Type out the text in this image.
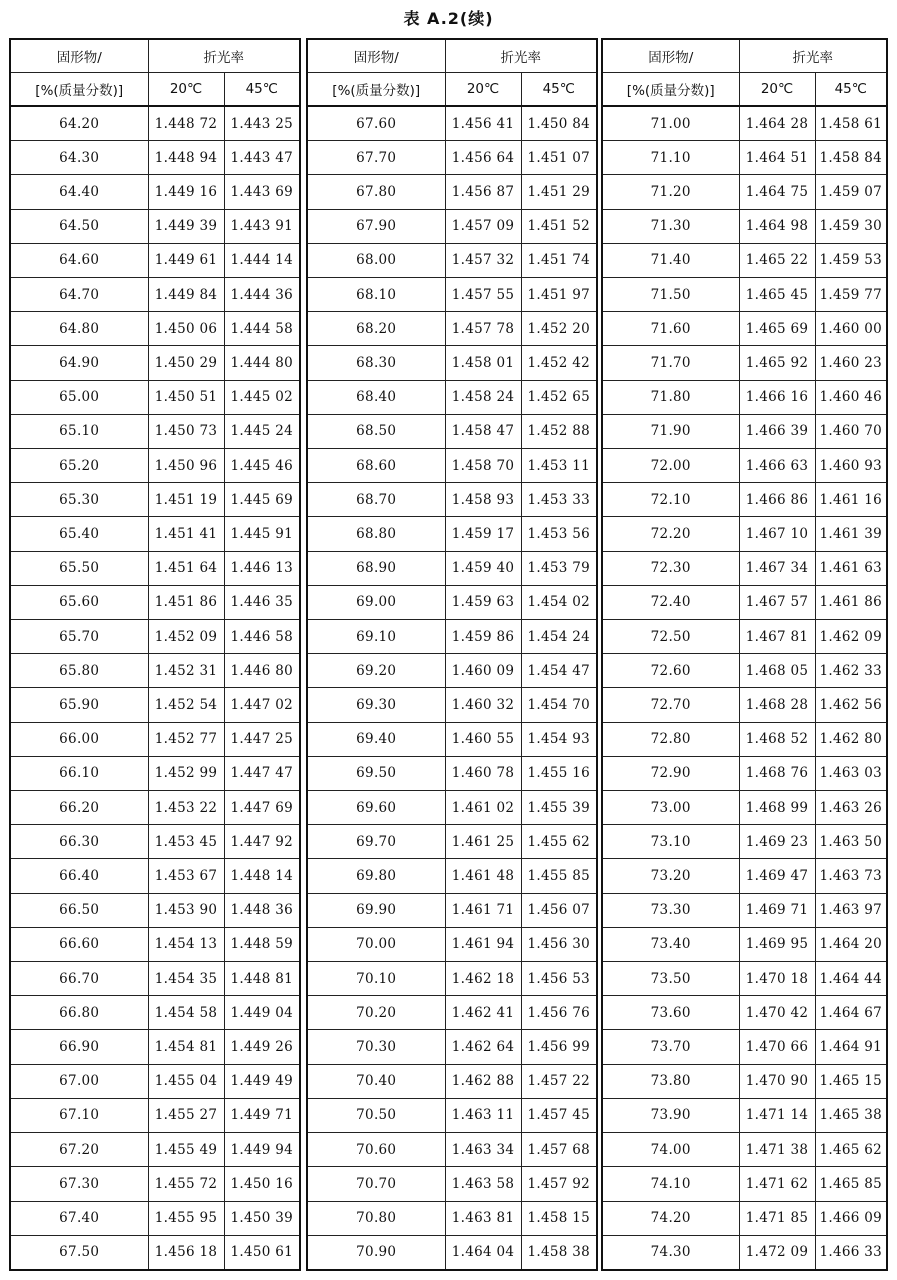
表 A.2(续)
固形物/	折光率	
[%(质量分数)]	20℃	45℃
64.20	1.448 72	1.443 25
64.30	1.448 94	1.443 47
64.40	1.449 16	1.443 69
64.50	1.449 39	1.443 91
64.60	1.449 61	1.444 14
64.70	1.449 84	1.444 36
64.80	1.450 06	1.444 58
64.90	1.450 29	1.444 80
65.00	1.450 51	1.445 02
65.10	1.450 73	1.445 24
65.20	1.450 96	1.445 46
65.30	1.451 19	1.445 69
65.40	1.451 41	1.445 91
65.50	1.451 64	1.446 13
65.60	1.451 86	1.446 35
65.70	1.452 09	1.446 58
65.80	1.452 31	1.446 80
65.90	1.452 54	1.447 02
66.00	1.452 77	1.447 25
66.10	1.452 99	1.447 47
66.20	1.453 22	1.447 69
66.30	1.453 45	1.447 92
66.40	1.453 67	1.448 14
66.50	1.453 90	1.448 36
66.60	1.454 13	1.448 59
66.70	1.454 35	1.448 81
66.80	1.454 58	1.449 04
66.90	1.454 81	1.449 26
67.00	1.455 04	1.449 49
67.10	1.455 27	1.449 71
67.20	1.455 49	1.449 94
67.30	1.455 72	1.450 16
67.40	1.455 95	1.450 39
67.50	1.456 18	1.450 61
固形物/	折光率	
[%(质量分数)]	20℃	45℃
67.60	1.456 41	1.450 84
67.70	1.456 64	1.451 07
67.80	1.456 87	1.451 29
67.90	1.457 09	1.451 52
68.00	1.457 32	1.451 74
68.10	1.457 55	1.451 97
68.20	1.457 78	1.452 20
68.30	1.458 01	1.452 42
68.40	1.458 24	1.452 65
68.50	1.458 47	1.452 88
68.60	1.458 70	1.453 11
68.70	1.458 93	1.453 33
68.80	1.459 17	1.453 56
68.90	1.459 40	1.453 79
69.00	1.459 63	1.454 02
69.10	1.459 86	1.454 24
69.20	1.460 09	1.454 47
69.30	1.460 32	1.454 70
69.40	1.460 55	1.454 93
69.50	1.460 78	1.455 16
69.60	1.461 02	1.455 39
69.70	1.461 25	1.455 62
69.80	1.461 48	1.455 85
69.90	1.461 71	1.456 07
70.00	1.461 94	1.456 30
70.10	1.462 18	1.456 53
70.20	1.462 41	1.456 76
70.30	1.462 64	1.456 99
70.40	1.462 88	1.457 22
70.50	1.463 11	1.457 45
70.60	1.463 34	1.457 68
70.70	1.463 58	1.457 92
70.80	1.463 81	1.458 15
70.90	1.464 04	1.458 38
固形物/	折光率	
[%(质量分数)]	20℃	45℃
71.00	1.464 28	1.458 61
71.10	1.464 51	1.458 84
71.20	1.464 75	1.459 07
71.30	1.464 98	1.459 30
71.40	1.465 22	1.459 53
71.50	1.465 45	1.459 77
71.60	1.465 69	1.460 00
71.70	1.465 92	1.460 23
71.80	1.466 16	1.460 46
71.90	1.466 39	1.460 70
72.00	1.466 63	1.460 93
72.10	1.466 86	1.461 16
72.20	1.467 10	1.461 39
72.30	1.467 34	1.461 63
72.40	1.467 57	1.461 86
72.50	1.467 81	1.462 09
72.60	1.468 05	1.462 33
72.70	1.468 28	1.462 56
72.80	1.468 52	1.462 80
72.90	1.468 76	1.463 03
73.00	1.468 99	1.463 26
73.10	1.469 23	1.463 50
73.20	1.469 47	1.463 73
73.30	1.469 71	1.463 97
73.40	1.469 95	1.464 20
73.50	1.470 18	1.464 44
73.60	1.470 42	1.464 67
73.70	1.470 66	1.464 91
73.80	1.470 90	1.465 15
73.90	1.471 14	1.465 38
74.00	1.471 38	1.465 62
74.10	1.471 62	1.465 85
74.20	1.471 85	1.466 09
74.30	1.472 09	1.466 33
